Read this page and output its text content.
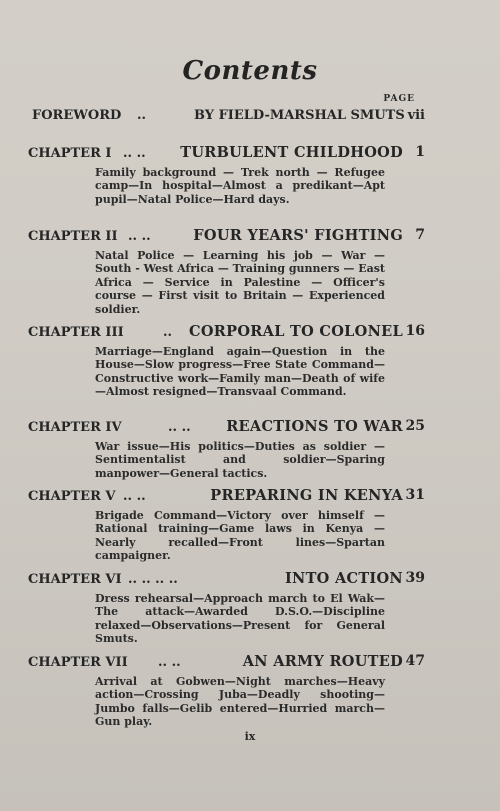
Contents
PAGE
FOREWORD ..	BY FIELD-MARSHAL SMUTS vii
CHAPTER I .. .. TURBULENT CHILDHOOD 1
Family background — Trek north — Refugee camp—In hospital—Almost a predikant—Apt pupil—Natal Police—Hard days.
CHAPTER II .. ..	FOUR YEARS' FIGHTING 7
Natal Police — Learning his job — War — South - West Africa — Training gunners — East Africa — Service in Palestine — Officer's course — First visit to Britain — Experienced soldier.
CHAPTER III	.. CORPORAL TO COLONEL 16
Marriage—England again—Question in the House—Slow progress—Free State Command—Constructive work—Family man—Death of wife—Almost resigned—Transvaal Command.
CHAPTER IV	.. .. REACTIONS TO WAR 25
War issue—His politics—Duties as soldier —Sentimentalist and soldier—Sparing manpower—General tactics.
CHAPTER V .. ..	PREPARING IN KENYA 31
Brigade Command—Victory over himself —Rational training—Game laws in Kenya —Nearly recalled—Front lines—Spartan campaigner.
CHAPTER VI .. .. .. ..	INTO ACTION 39
Dress rehearsal—Approach march to El Wak—The attack—Awarded D.S.O.—Discipline relaxed—Observations—Present for General Smuts.
CHAPTER VII .. ..	AN ARMY ROUTED 47
Arrival at Gobwen—Night marches—Heavy action—Crossing Juba—Deadly shooting—Jumbo falls—Gelib entered—Hurried march—Gun play.
ix
